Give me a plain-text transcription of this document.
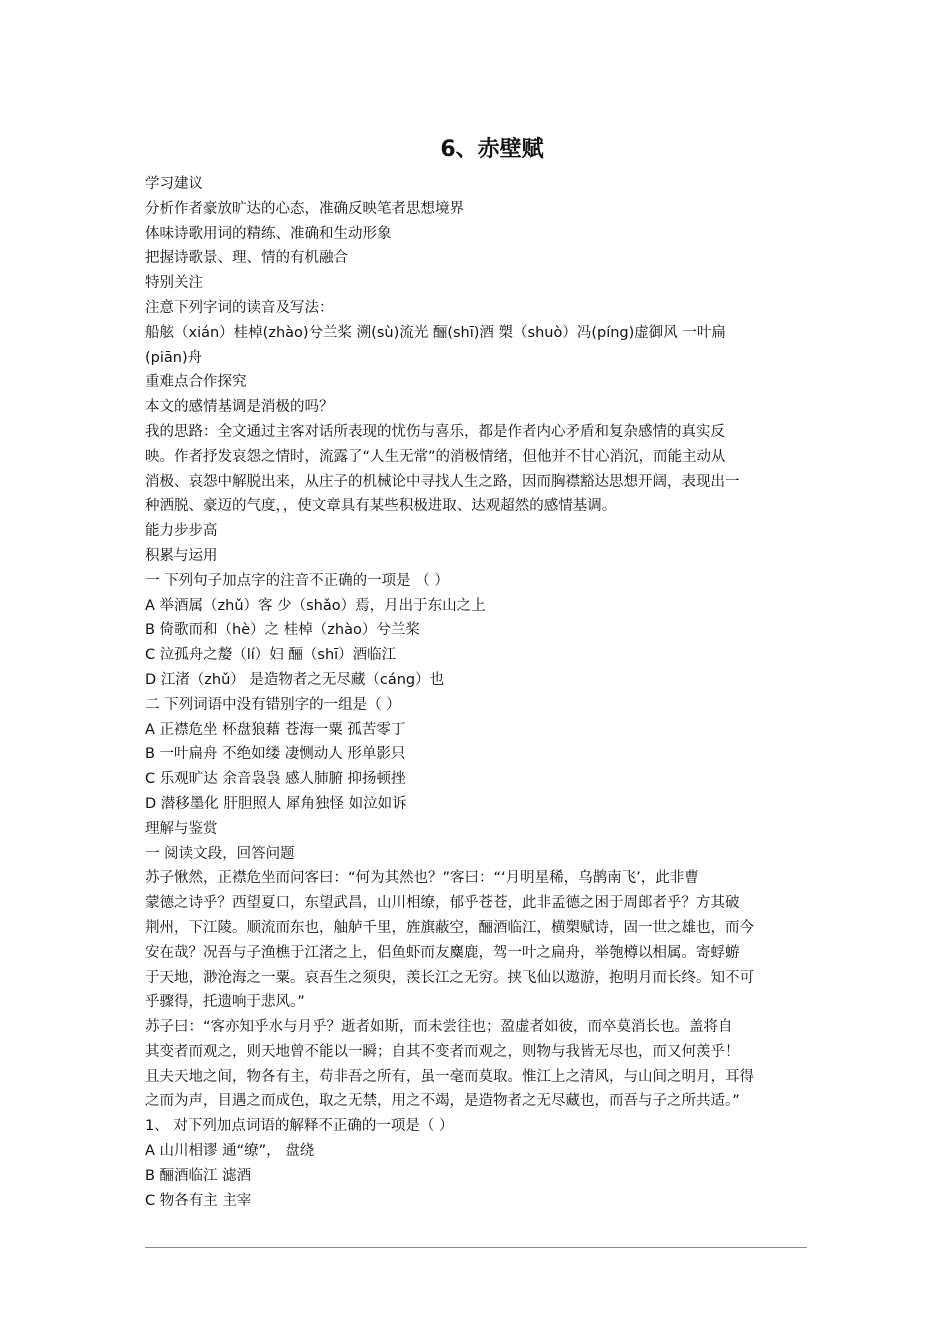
6、赤壁赋
学习建议
分析作者豪放旷达的心态，准确反映笔者思想境界
体味诗歌用词的精练、准确和生动形象
把握诗歌景、理、情的有机融合
特别关注
注意下列字词的读音及写法：
船舷（xián）桂棹(zhào)兮兰桨 溯(sù)流光 酾(shī)酒 槊（shuò）冯(píng)虚御风 一叶扁
(piān)舟
重难点合作探究
本文的感情基调是消极的吗？
我的思路：全文通过主客对话所表现的忧伤与喜乐，都是作者内心矛盾和复杂感情的真实反
映。作者抒发哀怨之情时，流露了“人生无常”的消极情绪，但他并不甘心消沉，而能主动从
消极、哀怨中解脱出来，从庄子的机械论中寻找人生之路，因而胸襟豁达思想开阔，表现出一
种洒脱、豪迈的气度，，使文章具有某些积极进取、达观超然的感情基调。
能力步步高
积累与运用
一 下列句子加点字的注音不正确的一项是 （ ）
A 举酒属（zhǔ）客 少（shǎo）焉，月出于东山之上
B 倚歌而和（hè）之 桂棹（zhào）兮兰桨
C 泣孤舟之嫠（lí）妇 酾（shī）酒临江
D 江渚（zhǔ） 是造物者之无尽藏（cáng）也
二 下列词语中没有错别字的一组是（ ）
A 正襟危坐 杯盘狼藉 苍海一粟 孤苦零丁
B 一叶扁舟 不绝如缕 凄恻动人 形单影只
C 乐观旷达 余音袅袅 感人肺腑 抑扬顿挫
D 潜移墨化 肝胆照人 犀角独怪 如泣如诉
理解与鉴赏
一 阅读文段，回答问题
苏子愀然，正襟危坐而问客曰：“何为其然也？”客曰：“‘月明星稀，乌鹊南飞’，此非曹
蒙德之诗乎？西望夏口，东望武昌，山川相缭，郁乎苍苍，此非孟德之困于周郎者乎？方其破
荆州，下江陵。顺流而东也，舳舻千里，旌旗蔽空，酾酒临江，横槊赋诗，固一世之雄也，而今
安在哉？况吾与子渔樵于江渚之上，侣鱼虾而友麋鹿，驾一叶之扁舟，举匏樽以相属。寄蜉蝣
于天地，渺沧海之一粟。哀吾生之须臾，羡长江之无穷。挟飞仙以遨游，抱明月而长终。知不可
乎骤得，托遗响于悲风。”
苏子曰：“客亦知乎水与月乎？逝者如斯，而未尝往也；盈虚者如彼，而卒莫消长也。盖将自
其变者而观之，则天地曾不能以一瞬；自其不变者而观之，则物与我皆无尽也，而又何羡乎！
且夫天地之间，物各有主，苟非吾之所有，虽一毫而莫取。惟江上之清风，与山间之明月，耳得
之而为声，目遇之而成色，取之无禁，用之不竭，是造物者之无尽藏也，而吾与子之所共适。”
1、 对下列加点词语的解释不正确的一项是（ ）
A 山川相谬 通“缭”， 盘绕
B 酾酒临江 滤酒
C 物各有主 主宰
